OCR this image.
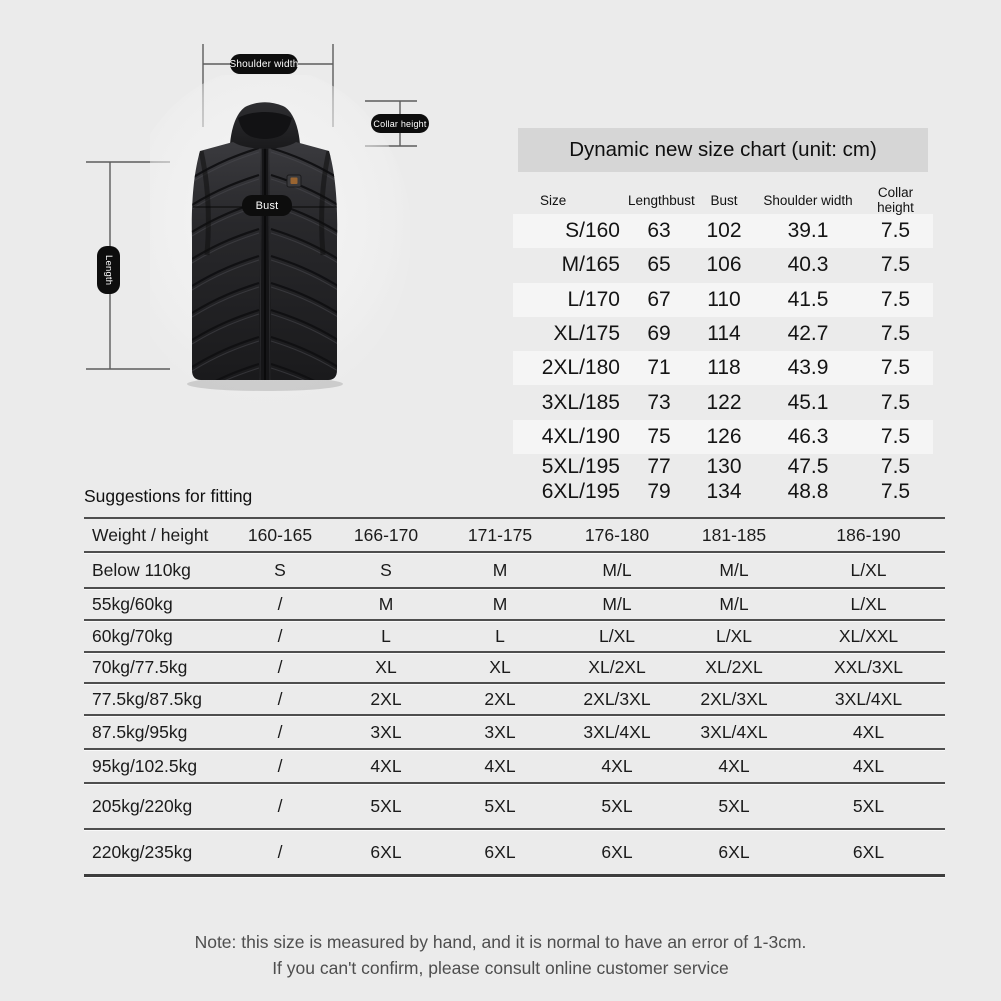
Shoulder width
Collar height
Bust
Length
Dynamic new size chart (unit: cm)
Size	Lengthbust	Bust	Shoulder width	Collar height
S/160	63	102	39.1	7.5
M/165	65	106	40.3	7.5
L/170	67	110	41.5	7.5
XL/175	69	114	42.7	7.5
2XL/180	71	118	43.9	7.5
3XL/185	73	122	45.1	7.5
4XL/190	75	126	46.3	7.5
5XL/195	77	130	47.5	7.5
6XL/195	79	134	48.8	7.5
Suggestions for fitting
Weight / height	160-165	166-170	171-175	176-180	181-185	186-190
Below 110kg	S	S	M	M/L	M/L	L/XL
55kg/60kg	/	M	M	M/L	M/L	L/XL
60kg/70kg	/	L	L	L/XL	L/XL	XL/XXL
70kg/77.5kg	/	XL	XL	XL/2XL	XL/2XL	XXL/3XL
77.5kg/87.5kg	/	2XL	2XL	2XL/3XL	2XL/3XL	3XL/4XL
87.5kg/95kg	/	3XL	3XL	3XL/4XL	3XL/4XL	4XL
95kg/102.5kg	/	4XL	4XL	4XL	4XL	4XL
205kg/220kg	/	5XL	5XL	5XL	5XL	5XL
220kg/235kg	/	6XL	6XL	6XL	6XL	6XL
Note: this size is measured by hand, and it is normal to have an error of 1-3cm.
If you can't confirm, please consult online customer service
